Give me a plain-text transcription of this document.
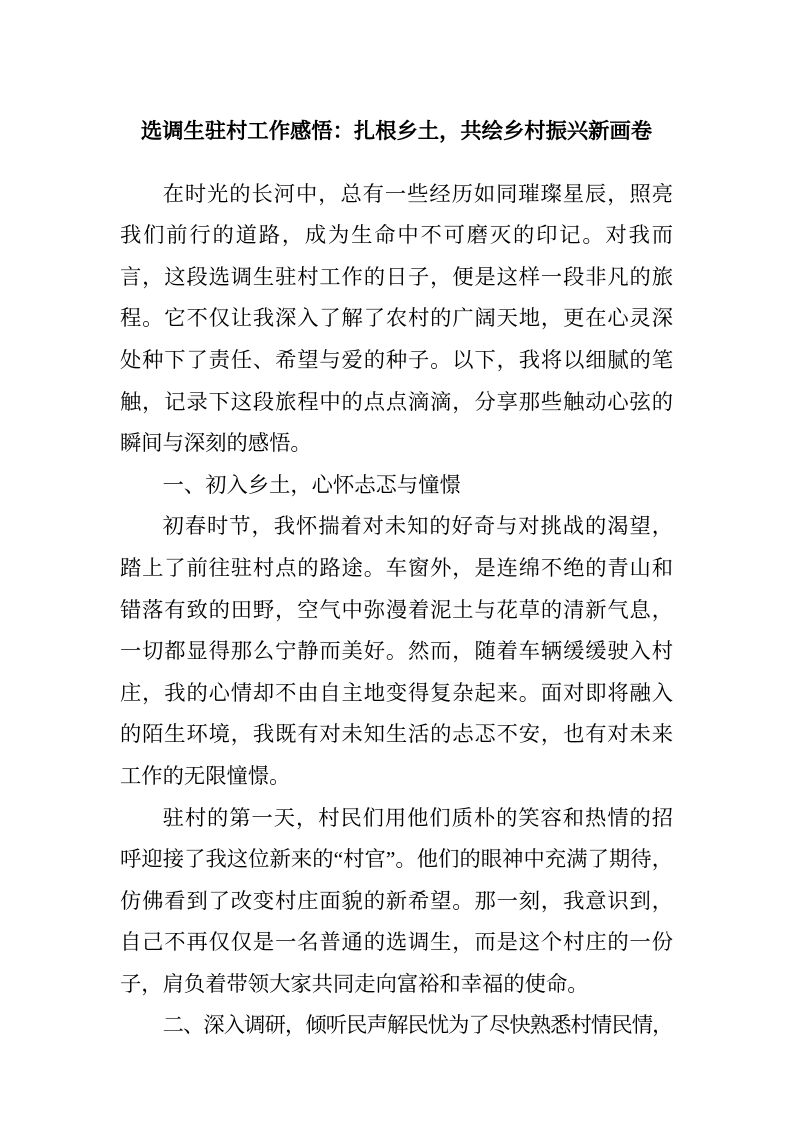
选调生驻村工作感悟：扎根乡土，共绘乡村振兴新画卷

在时光的长河中，总有一些经历如同璀璨星辰，照亮我们前行的道路，成为生命中不可磨灭的印记。对我而言，这段选调生驻村工作的日子，便是这样一段非凡的旅程。它不仅让我深入了解了农村的广阔天地，更在心灵深处种下了责任、希望与爱的种子。以下，我将以细腻的笔触，记录下这段旅程中的点点滴滴，分享那些触动心弦的瞬间与深刻的感悟。

一、初入乡土，心怀忐忑与憧憬

初春时节，我怀揣着对未知的好奇与对挑战的渴望，踏上了前往驻村点的路途。车窗外，是连绵不绝的青山和错落有致的田野，空气中弥漫着泥土与花草的清新气息，一切都显得那么宁静而美好。然而，随着车辆缓缓驶入村庄，我的心情却不由自主地变得复杂起来。面对即将融入的陌生环境，我既有对未知生活的忐忑不安，也有对未来工作的无限憧憬。

驻村的第一天，村民们用他们质朴的笑容和热情的招呼迎接了我这位新来的“村官”。他们的眼神中充满了期待，仿佛看到了改变村庄面貌的新希望。那一刻，我意识到，自己不再仅仅是一名普通的选调生，而是这个村庄的一份子，肩负着带领大家共同走向富裕和幸福的使命。

二、深入调研，倾听民声解民忧为了尽快熟悉村情民情，
